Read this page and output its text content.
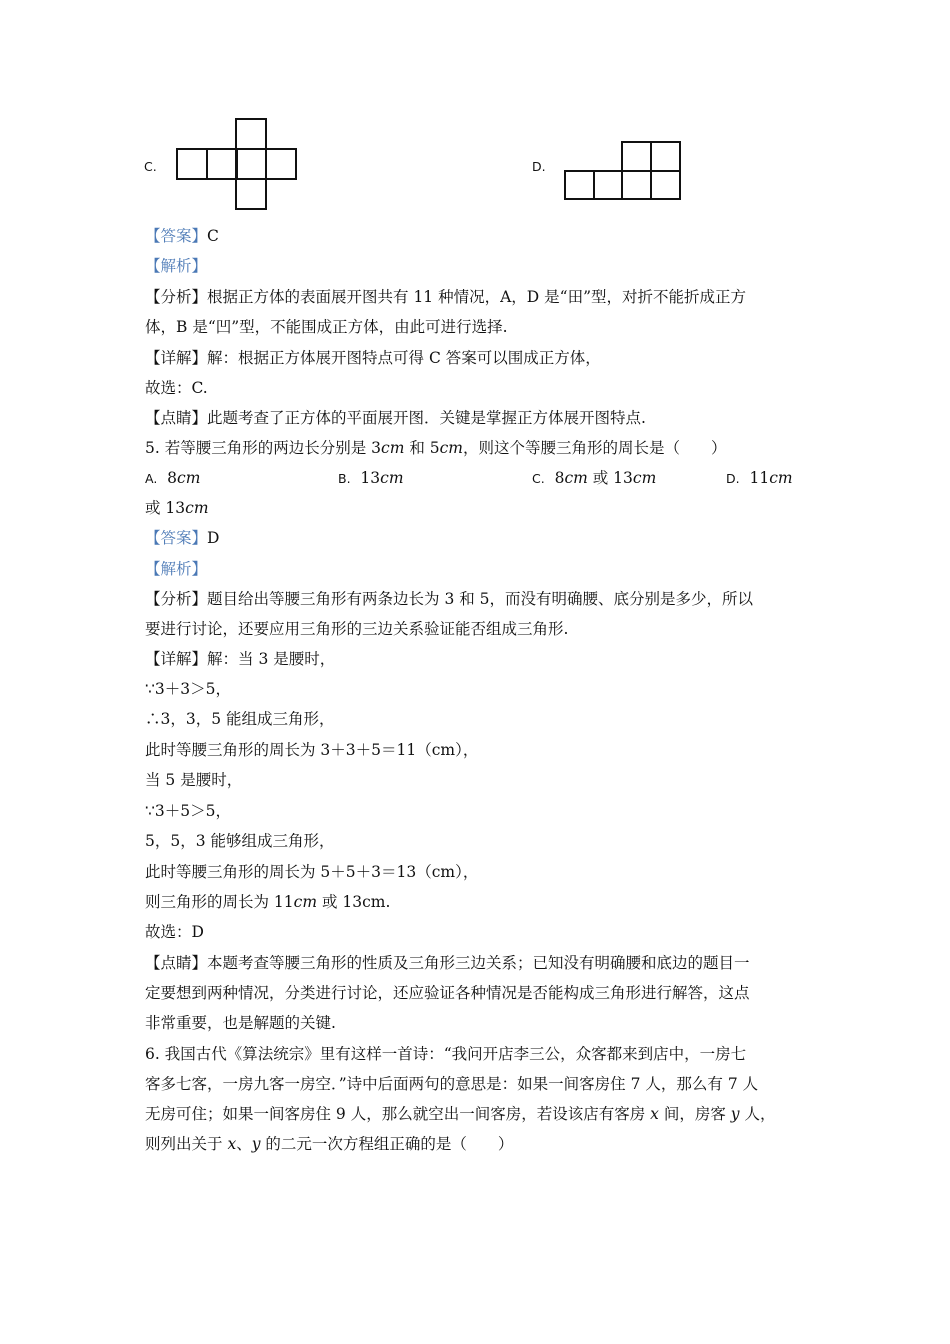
C.	D.
【答案】C
【解析】
【分析】根据正方体的表面展开图共有 11 种情况，A，D 是“田”型，对折不能折成正方
体，B 是“凹”型，不能围成正方体，由此可进行选择.
【详解】解：根据正方体展开图特点可得 C 答案可以围成正方体，
故选：C.
【点睛】此题考查了正方体的平面展开图．关键是掌握正方体展开图特点.
5. 若等腰三角形的两边长分别是 3cm 和 5cm，则这个等腰三角形的周长是（　　）
A. 8cm	B. 13cm	C. 8cm 或 13cm	D. 11cm
或 13cm
【答案】D
【解析】
【分析】题目给出等腰三角形有两条边长为 3 和 5，而没有明确腰、底分别是多少，所以
要进行讨论，还要应用三角形的三边关系验证能否组成三角形.
【详解】解：当 3 是腰时，
∵3＋3＞5，
∴3，3，5 能组成三角形，
此时等腰三角形的周长为 3＋3＋5＝11（cm），
当 5 是腰时，
∵3＋5＞5，
5，5，3 能够组成三角形，
此时等腰三角形的周长为 5＋5＋3＝13（cm），
则三角形的周长为 11cm 或 13cm.
故选：D
【点睛】本题考查等腰三角形的性质及三角形三边关系；已知没有明确腰和底边的题目一
定要想到两种情况，分类进行讨论，还应验证各种情况是否能构成三角形进行解答，这点
非常重要，也是解题的关键.
6. 我国古代《算法统宗》里有这样一首诗：“我问开店李三公，众客都来到店中，一房七
客多七客，一房九客一房空．”诗中后面两句的意思是：如果一间客房住 7 人，那么有 7 人
无房可住；如果一间客房住 9 人，那么就空出一间客房，若设该店有客房 x 间，房客 y 人，
则列出关于 x、y 的二元一次方程组正确的是（　　）
